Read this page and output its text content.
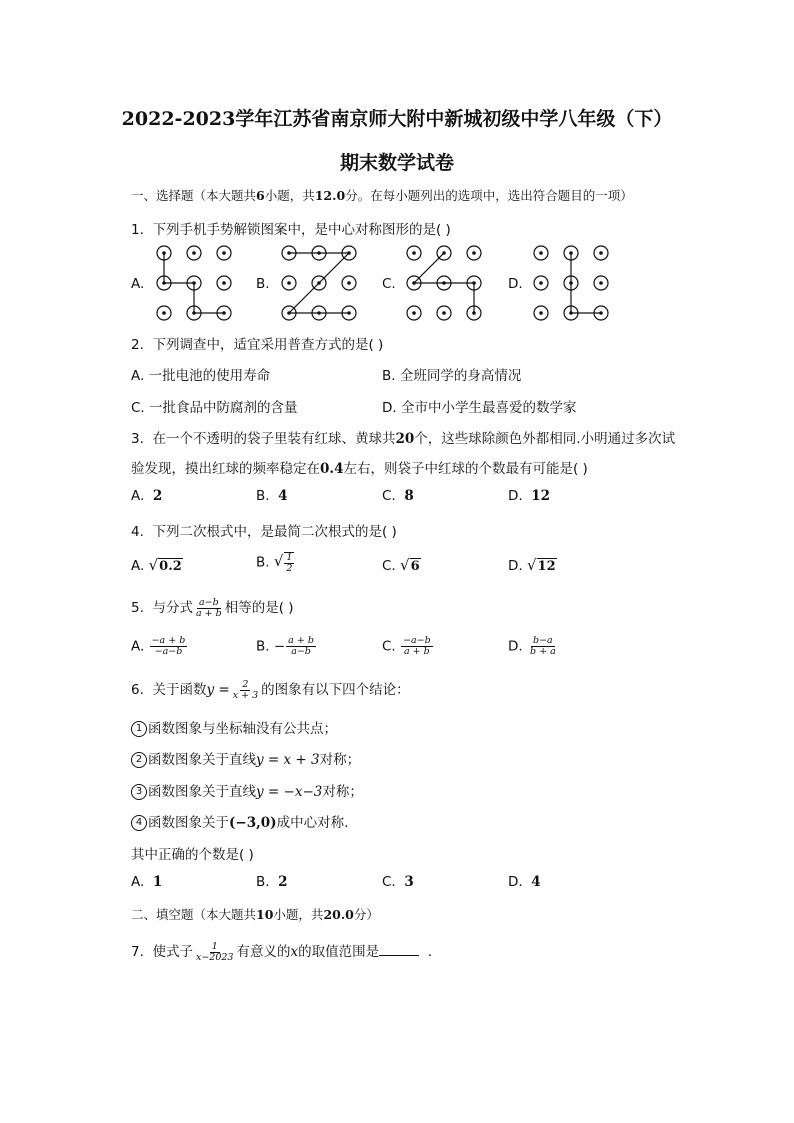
2022-2023学年江苏省南京师大附中新城初级中学八年级（下）
期末数学试卷
一、选择题（本大题共6小题，共12.0分。在每小题列出的选项中，选出符合题目的一项）
1. 下列手机手势解锁图案中，是中心对称图形的是( )
A.	B.	C.	D.
2. 下列调查中，适宜采用普查方式的是( )
A. 一批电池的使用寿命	B. 全班同学的身高情况
C. 一批食品中防腐剂的含量	D. 全市中小学生最喜爱的数学家
3. 在一个不透明的袋子里装有红球、黄球共20个，这些球除颜色外都相同.小明通过多次试
验发现，摸出红球的频率稳定在0.4左右，则袋子中红球的个数最有可能是( )
A. 2	B. 4	C. 8	D. 12
4. 下列二次根式中，是最简二次根式的是( )
A. √0.2	B. √ $\frac{1}{2}$	C. √6	D. √12
5. 与分式 $\frac{a-b}{a + b}$ 相等的是( )
A. $\frac{-a + b}{-a-b}$	B. − $\frac{a + b}{a-b}$	C. $\frac{-a-b}{a + b}$	D. $\frac{b-a}{b + a}$
6. 关于函数$y = \frac{2}{x + 3}$ 的图象有以下四个结论：
1 函数图象与坐标轴没有公共点；
2 函数图象关于直线y = x + 3对称；
3 函数图象关于直线y = −x−3对称；
4 函数图象关于(−3,0)成中心对称.
其中正确的个数是( )
A. 1	B. 2	C. 3	D. 4
二、填空题（本大题共10小题，共20.0分）
7. 使式子 $\frac{1}{x-2023}$ 有意义的x的取值范围是	.
